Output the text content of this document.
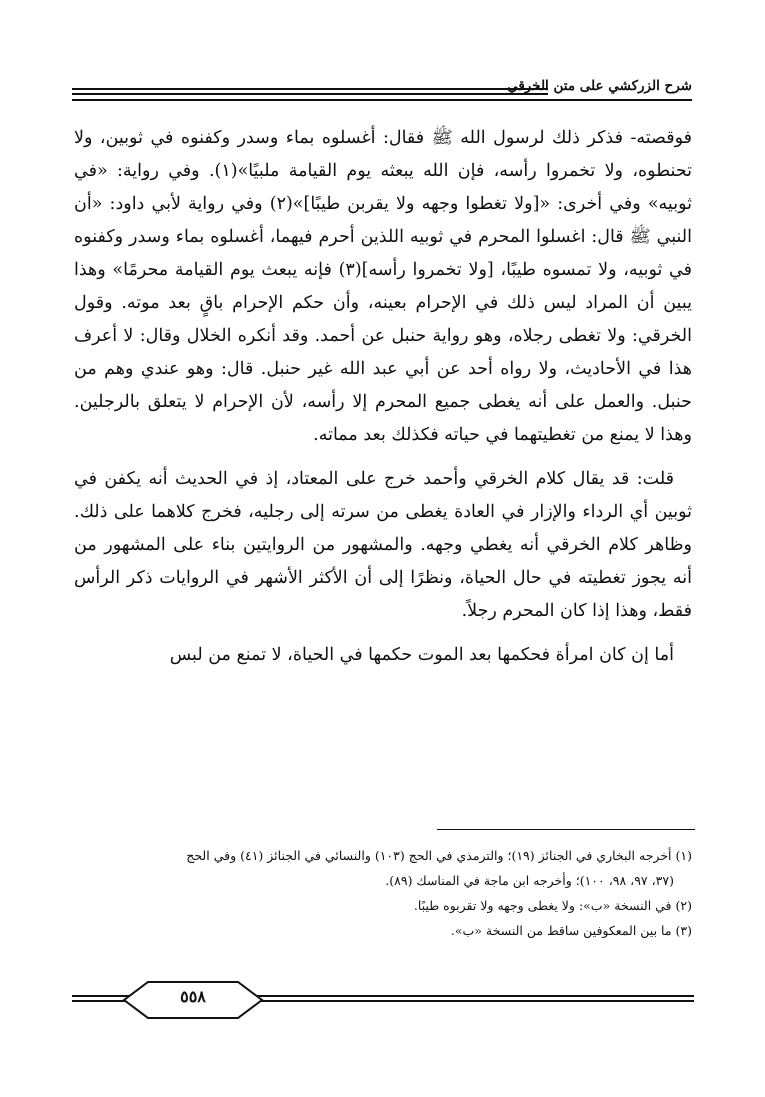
شرح الزركشي على متن الخرقي

فوقصته- فذكر ذلك لرسول الله ﷺ فقال: أغسلوه بماء وسدر وكفنوه في ثوبين، ولا تحنطوه، ولا تخمروا رأسه، فإن الله يبعثه يوم القيامة ملبيًا»(١). وفي رواية: «في ثوبيه» وفي أخرى: «[ولا تغطوا وجهه ولا يقربن طيبًا]»(٢) وفي رواية لأبي داود: «أن النبي ﷺ قال: اغسلوا المحرم في ثوبيه اللذين أحرم فيهما، أغسلوه بماء وسدر وكفنوه في ثوبيه، ولا تمسوه طيبًا، [ولا تخمروا رأسه](٣) فإنه يبعث يوم القيامة محرمًا» وهذا يبين أن المراد ليس ذلك في الإحرام بعينه، وأن حكم الإحرام باقٍ بعد موته. وقول الخرقي: ولا تغطى رجلاه، وهو رواية حنبل عن أحمد. وقد أنكره الخلال وقال: لا أعرف هذا في الأحاديث، ولا رواه أحد عن أبي عبد الله غير حنبل. قال: وهو عندي وهم من حنبل. والعمل على أنه يغطى جميع المحرم إلا رأسه، لأن الإحرام لا يتعلق بالرجلين. وهذا لا يمنع من تغطيتهما في حياته فكذلك بعد مماته.

قلت: قد يقال كلام الخرقي وأحمد خرج على المعتاد، إذ في الحديث أنه يكفن في ثوبين أي الرداء والإزار في العادة يغطى من سرته إلى رجليه، فخرج كلاهما على ذلك. وظاهر كلام الخرقي أنه يغطي وجهه. والمشهور من الروايتين بناء على المشهور من أنه يجوز تغطيته في حال الحياة، ونظرًا إلى أن الأكثر الأشهر في الروايات ذكر الرأس فقط، وهذا إذا كان المحرم رجلاً.

أما إن كان امرأة فحكمها بعد الموت حكمها في الحياة، لا تمنع من لبس

(١) أخرجه البخاري في الجنائز (١٩)؛ والترمذي في الحج (١٠٣) والنسائي في الجنائز (٤١) وفي الحج

(٣٧، ٩٧، ٩٨، ١٠٠)؛ وأخرجه ابن ماجة في المناسك (٨٩).

(٢) في النسخة «ب»: ولا يغطى وجهه ولا تقربوه طيبًا.

(٣) ما بين المعكوفين ساقط من النسخة «ب».

٥٥٨
